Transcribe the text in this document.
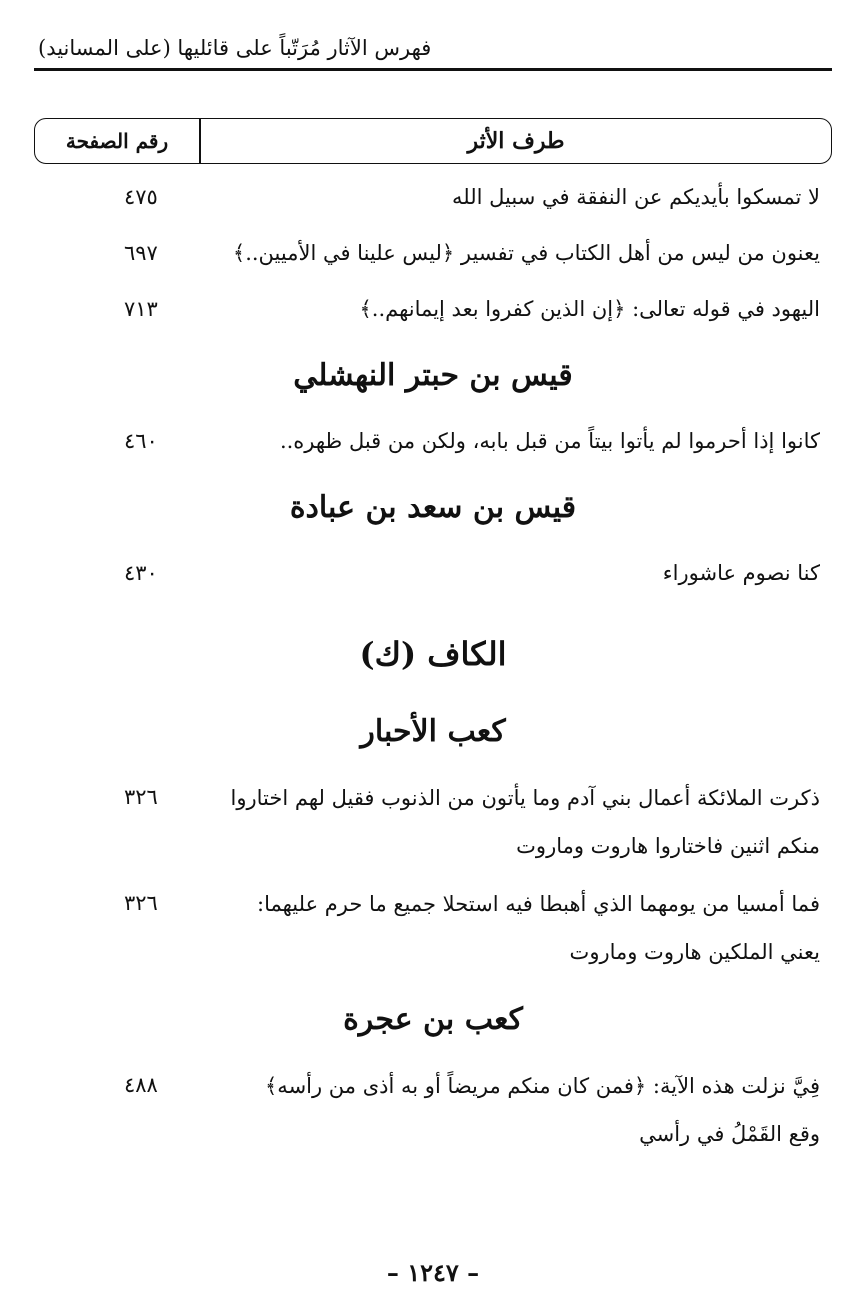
فهرس الآثار مُرَتّباً على قائليها (على المسانيد)
طرف الأثر
رقم الصفحة
لا تمسكوا بأيديكم عن النفقة في سبيل الله
٤٧٥
يعنون من ليس من أهل الكتاب في تفسير ﴿ليس علينا في الأميين..﴾
٦٩٧
اليهود في قوله تعالى: ﴿إن الذين كفروا بعد إيمانهم..﴾
٧١٣
قيس بن حبتر النهشلي
كانوا إذا أحرموا لم يأتوا بيتاً من قبل بابه، ولكن من قبل ظهره..
٤٦٠
قيس بن سعد بن عبادة
كنا نصوم عاشوراء
٤٣٠
الكاف (ك)
كعب الأحبار
ذكرت الملائكة أعمال بني آدم وما يأتون من الذنوب فقيل لهم اختاروا
منكم اثنين فاختاروا هاروت وماروت
٣٢٦
فما أمسيا من يومهما الذي أهبطا فيه استحلا جميع ما حرم عليهما:
يعني الملكين هاروت وماروت
٣٢٦
كعب بن عجرة
فِيَّ نزلت هذه الآية: ﴿فمن كان منكم مريضاً أو به أذى من رأسه﴾
وقع القَمْلُ في رأسي
٤٨٨
– ١٢٤٧ –
